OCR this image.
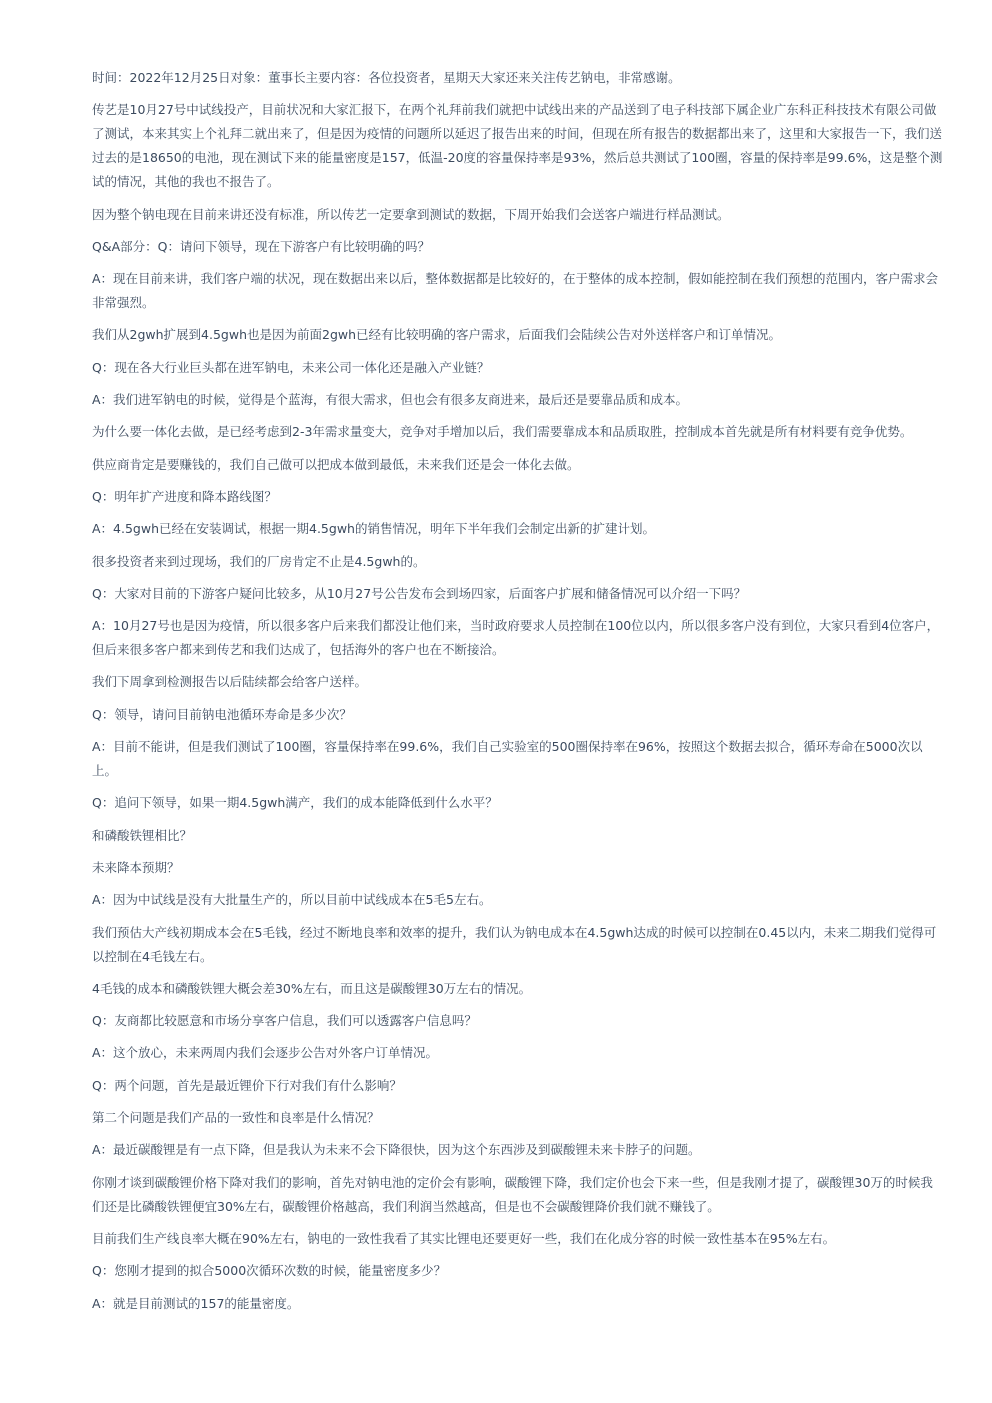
时间：2022年12月25日对象：董事长主要内容：各位投资者，星期天大家还来关注传艺钠电，非常感谢。

传艺是10月27号中试线投产，目前状况和大家汇报下，在两个礼拜前我们就把中试线出来的产品送到了电子科技部下属企业广东科正科技技术有限公司做了测试，本来其实上个礼拜二就出来了，但是因为疫情的问题所以延迟了报告出来的时间，但现在所有报告的数据都出来了，这里和大家报告一下，我们送过去的是18650的电池，现在测试下来的能量密度是157，低温-20度的容量保持率是93%，然后总共测试了100圈，容量的保持率是99.6%，这是整个测试的情况，其他的我也不报告了。

因为整个钠电现在目前来讲还没有标准，所以传艺一定要拿到测试的数据，下周开始我们会送客户端进行样品测试。

Q&A部分：Q：请问下领导，现在下游客户有比较明确的吗？

A：现在目前来讲，我们客户端的状况，现在数据出来以后，整体数据都是比较好的，在于整体的成本控制，假如能控制在我们预想的范围内，客户需求会非常强烈。

我们从2gwh扩展到4.5gwh也是因为前面2gwh已经有比较明确的客户需求，后面我们会陆续公告对外送样客户和订单情况。

Q：现在各大行业巨头都在进军钠电，未来公司一体化还是融入产业链？

A：我们进军钠电的时候，觉得是个蓝海，有很大需求，但也会有很多友商进来，最后还是要靠品质和成本。

为什么要一体化去做，是已经考虑到2-3年需求量变大，竞争对手增加以后，我们需要靠成本和品质取胜，控制成本首先就是所有材料要有竞争优势。

供应商肯定是要赚钱的，我们自己做可以把成本做到最低，未来我们还是会一体化去做。

Q：明年扩产进度和降本路线图？

A：4.5gwh已经在安装调试，根据一期4.5gwh的销售情况，明年下半年我们会制定出新的扩建计划。

很多投资者来到过现场，我们的厂房肯定不止是4.5gwh的。

Q：大家对目前的下游客户疑问比较多，从10月27号公告发布会到场四家，后面客户扩展和储备情况可以介绍一下吗？

A：10月27号也是因为疫情，所以很多客户后来我们都没让他们来，当时政府要求人员控制在100位以内，所以很多客户没有到位，大家只看到4位客户，但后来很多客户都来到传艺和我们达成了，包括海外的客户也在不断接洽。

我们下周拿到检测报告以后陆续都会给客户送样。

Q：领导，请问目前钠电池循环寿命是多少次？

A：目前不能讲，但是我们测试了100圈，容量保持率在99.6%，我们自己实验室的500圈保持率在96%，按照这个数据去拟合，循环寿命在5000次以上。

Q：追问下领导，如果一期4.5gwh满产，我们的成本能降低到什么水平？

和磷酸铁锂相比？

未来降本预期？

A：因为中试线是没有大批量生产的，所以目前中试线成本在5毛5左右。

我们预估大产线初期成本会在5毛钱，经过不断地良率和效率的提升，我们认为钠电成本在4.5gwh达成的时候可以控制在0.45以内，未来二期我们觉得可以控制在4毛钱左右。

4毛钱的成本和磷酸铁锂大概会差30%左右，而且这是碳酸锂30万左右的情况。

Q：友商都比较愿意和市场分享客户信息，我们可以透露客户信息吗？

A：这个放心，未来两周内我们会逐步公告对外客户订单情况。

Q：两个问题，首先是最近锂价下行对我们有什么影响？

第二个问题是我们产品的一致性和良率是什么情况？

A：最近碳酸锂是有一点下降，但是我认为未来不会下降很快，因为这个东西涉及到碳酸锂未来卡脖子的问题。

你刚才谈到碳酸锂价格下降对我们的影响，首先对钠电池的定价会有影响，碳酸锂下降，我们定价也会下来一些，但是我刚才提了，碳酸锂30万的时候我们还是比磷酸铁锂便宜30%左右，碳酸锂价格越高，我们利润当然越高，但是也不会碳酸锂降价我们就不赚钱了。

目前我们生产线良率大概在90%左右，钠电的一致性我看了其实比锂电还要更好一些，我们在化成分容的时候一致性基本在95%左右。

Q：您刚才提到的拟合5000次循环次数的时候，能量密度多少？

A：就是目前测试的157的能量密度。
